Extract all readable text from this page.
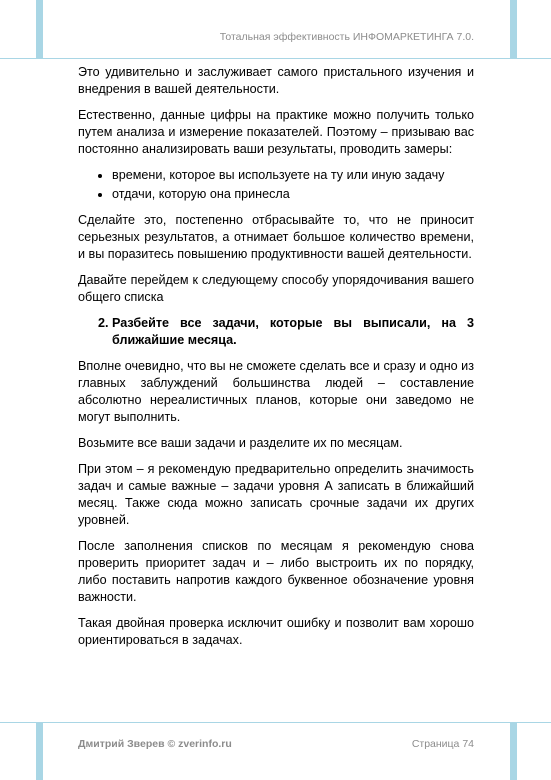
Тотальная эффективность ИНФОМАРКЕТИНГА 7.0.

Это удивительно и заслуживает самого пристального изучения и внедрения в вашей деятельности.

Естественно, данные цифры на практике можно получить только путем анализа и измерение показателей. Поэтому – призываю вас постоянно анализировать ваши результаты, проводить замеры:

• времени, которое вы используете на ту или иную задачу
• отдачи, которую она принесла

Сделайте это, постепенно отбрасывайте то, что не приносит серьезных результатов, а отнимает большое количество времени, и вы поразитесь повышению продуктивности вашей деятельности.

Давайте перейдем к следующему способу упорядочивания вашего общего списка

2. Разбейте все задачи, которые вы выписали, на 3 ближайшие месяца.

Вполне очевидно, что вы не сможете сделать все и сразу и одно из главных заблуждений большинства людей – составление абсолютно нереалистичных планов, которые они заведомо не могут выполнить.

Возьмите все ваши задачи и разделите их по месяцам.

При этом – я рекомендую предварительно определить значимость задач и самые важные – задачи уровня А записать в ближайший месяц. Также сюда можно записать срочные задачи их других уровней.

После заполнения списков по месяцам я рекомендую снова проверить приоритет задач и – либо выстроить их по порядку, либо поставить напротив каждого буквенное обозначение уровня важности.

Такая двойная проверка исключит ошибку и позволит вам хорошо ориентироваться в задачах.

Дмитрий Зверев © zverinfo.ru	Страница 74
